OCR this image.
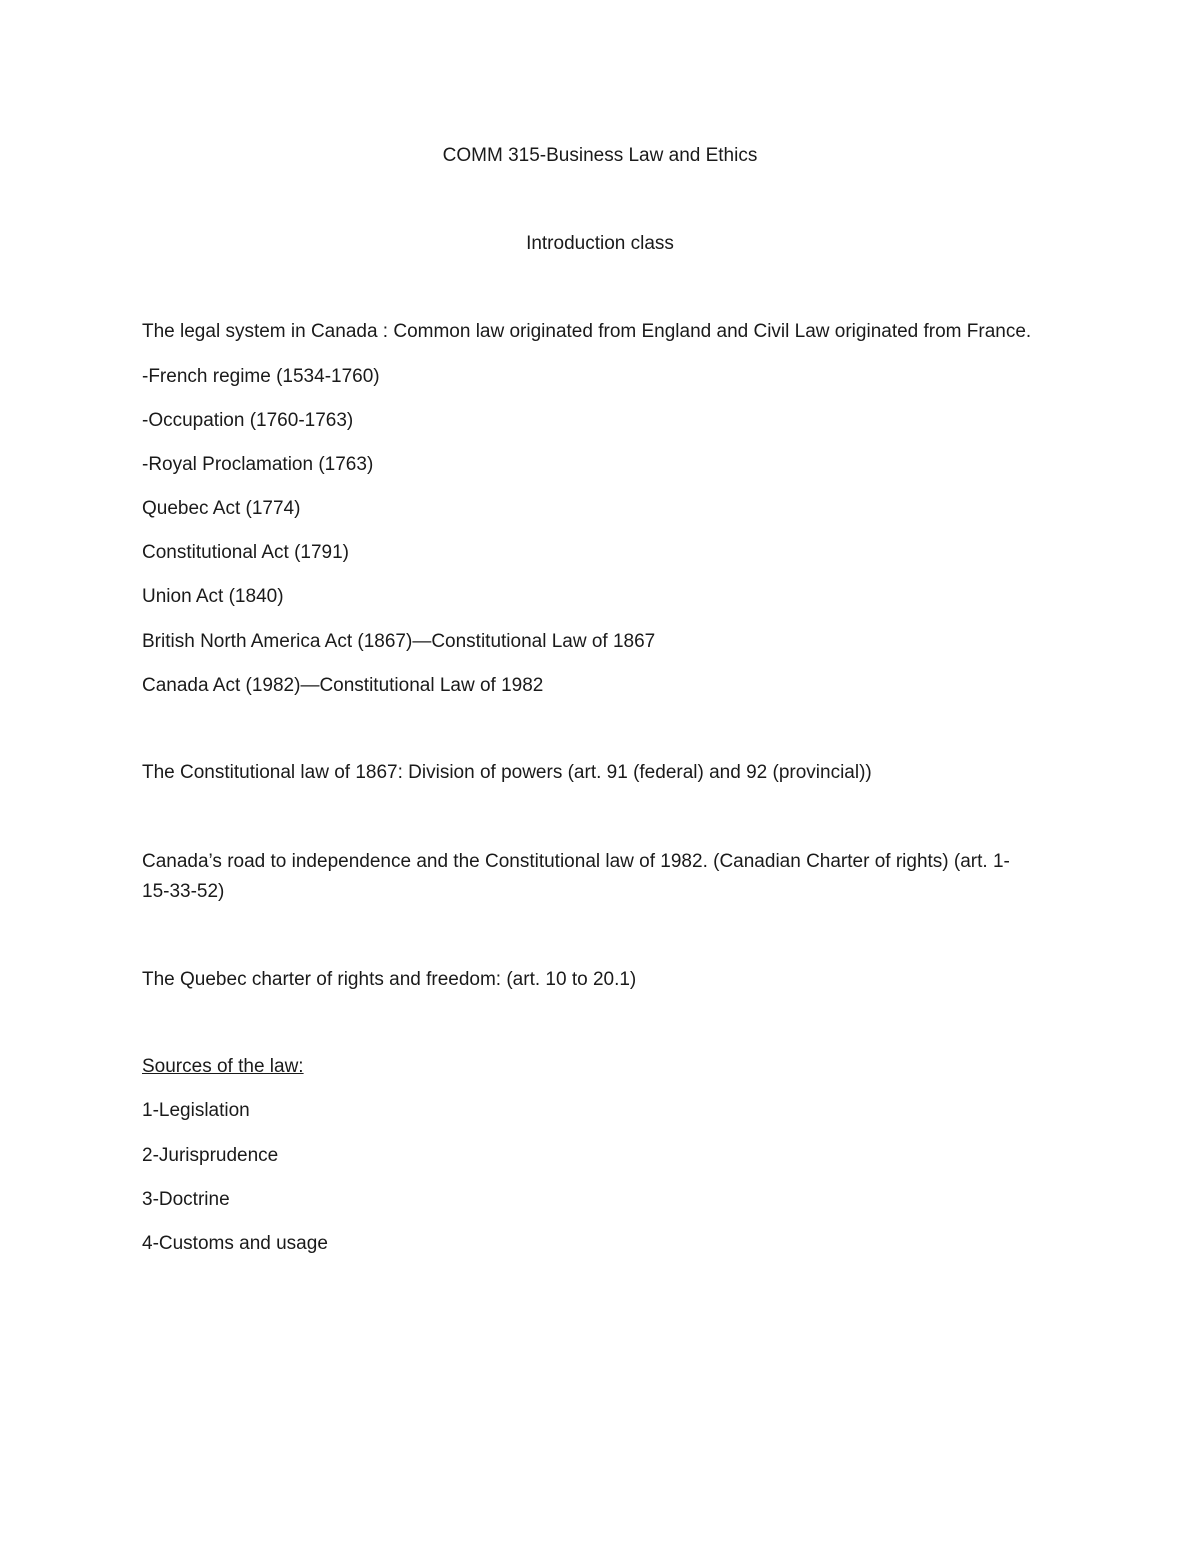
COMM 315-Business Law and Ethics
Introduction class
The legal system in Canada : Common law originated from England and Civil Law originated from France.
-French regime (1534-1760)
-Occupation (1760-1763)
-Royal Proclamation (1763)
Quebec Act (1774)
Constitutional Act (1791)
Union Act (1840)
British North America Act (1867)—Constitutional Law of 1867
Canada Act (1982)—Constitutional Law of 1982
The Constitutional law of 1867: Division of powers (art. 91 (federal) and 92 (provincial))
Canada’s road to independence and the Constitutional law of 1982. (Canadian Charter of rights) (art. 1-
15-33-52)
The Quebec charter of rights and freedom: (art. 10 to 20.1)
Sources of the law:
1-Legislation
2-Jurisprudence
3-Doctrine
4-Customs and usage
